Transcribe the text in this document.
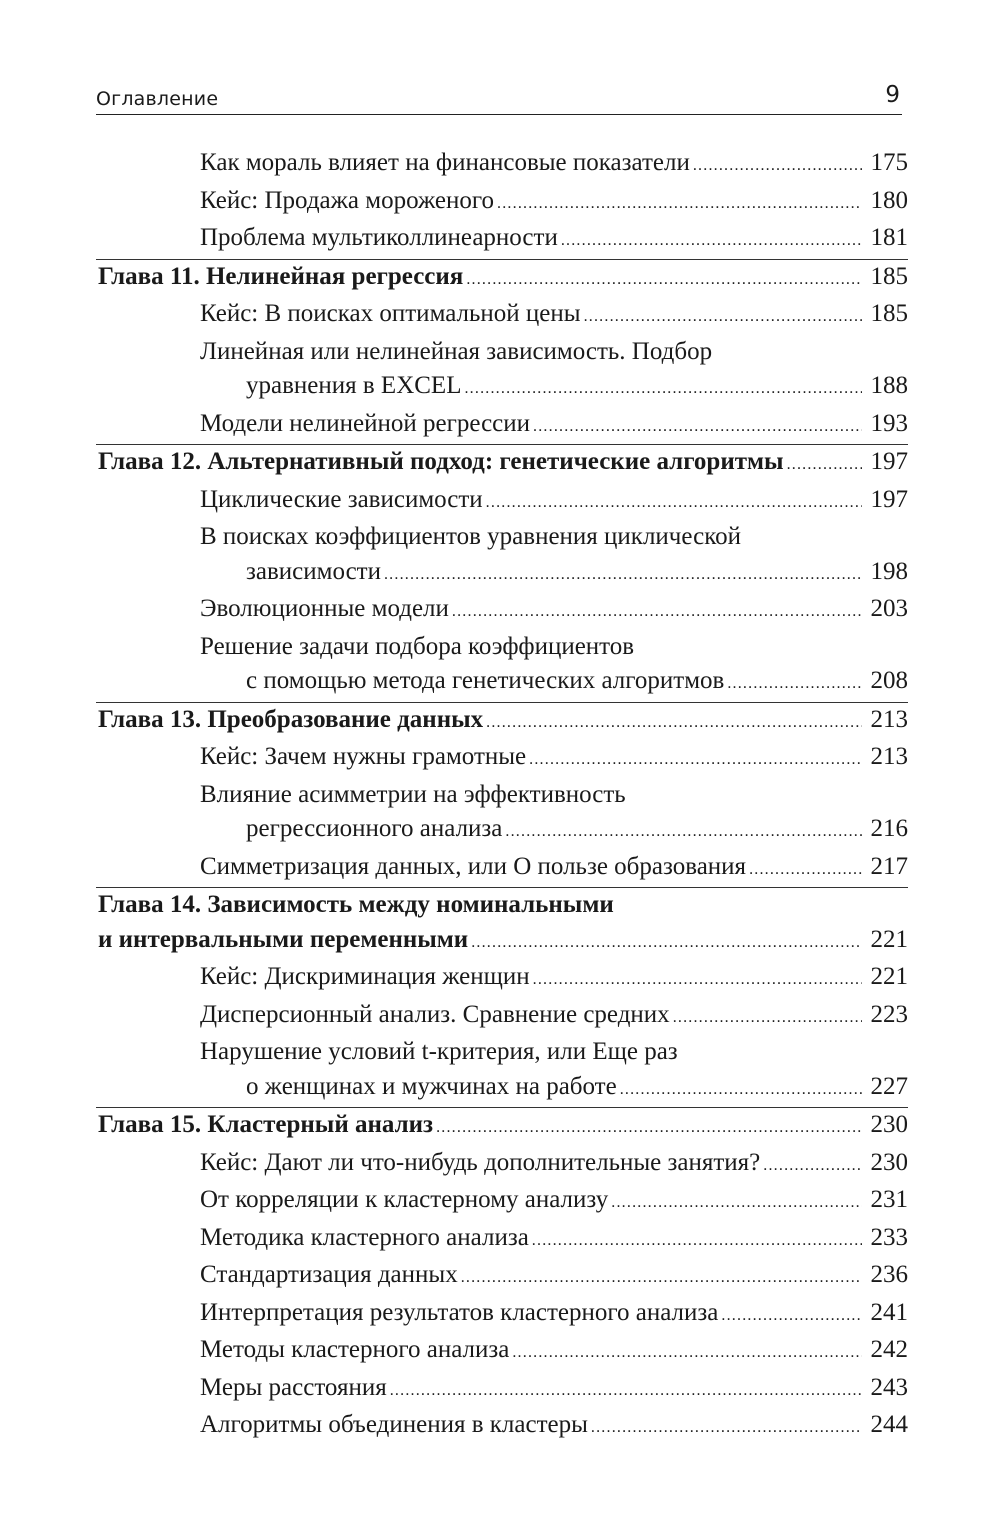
Оглавление	9
Как мораль влияет на финансовые показатели .....	175
Кейс: Продажа мороженого .....	180
Проблема мультиколлинеарности .....	181
Глава 11. Нелинейная регрессия .....	185
Кейс: В поисках оптимальной цены .....	185
Линейная или нелинейная зависимость. Подбор
уравнения в EXCEL .....	188
Модели нелинейной регрессии .....	193
Глава 12. Альтернативный подход: генетические алгоритмы .....	197
Циклические зависимости .....	197
В поисках коэффициентов уравнения циклической
зависимости .....	198
Эволюционные модели .....	203
Решение задачи подбора коэффициентов
с помощью метода генетических алгоритмов .....	208
Глава 13. Преобразование данных .....	213
Кейс: Зачем нужны грамотные .....	213
Влияние асимметрии на эффективность
регрессионного анализа .....	216
Симметризация данных, или О пользе образования .....	217
Глава 14. Зависимость между номинальными
и интервальными переменными .....	221
Кейс: Дискриминация женщин .....	221
Дисперсионный анализ. Сравнение средних .....	223
Нарушение условий t-критерия, или Еще раз
о женщинах и мужчинах на работе .....	227
Глава 15. Кластерный анализ .....	230
Кейс: Дают ли что-нибудь дополнительные занятия? .....	230
От корреляции к кластерному анализу .....	231
Методика кластерного анализа .....	233
Стандартизация данных .....	236
Интерпретация результатов кластерного анализа .....	241
Методы кластерного анализа .....	242
Меры расстояния .....	243
Алгоритмы объединения в кластеры .....	244
